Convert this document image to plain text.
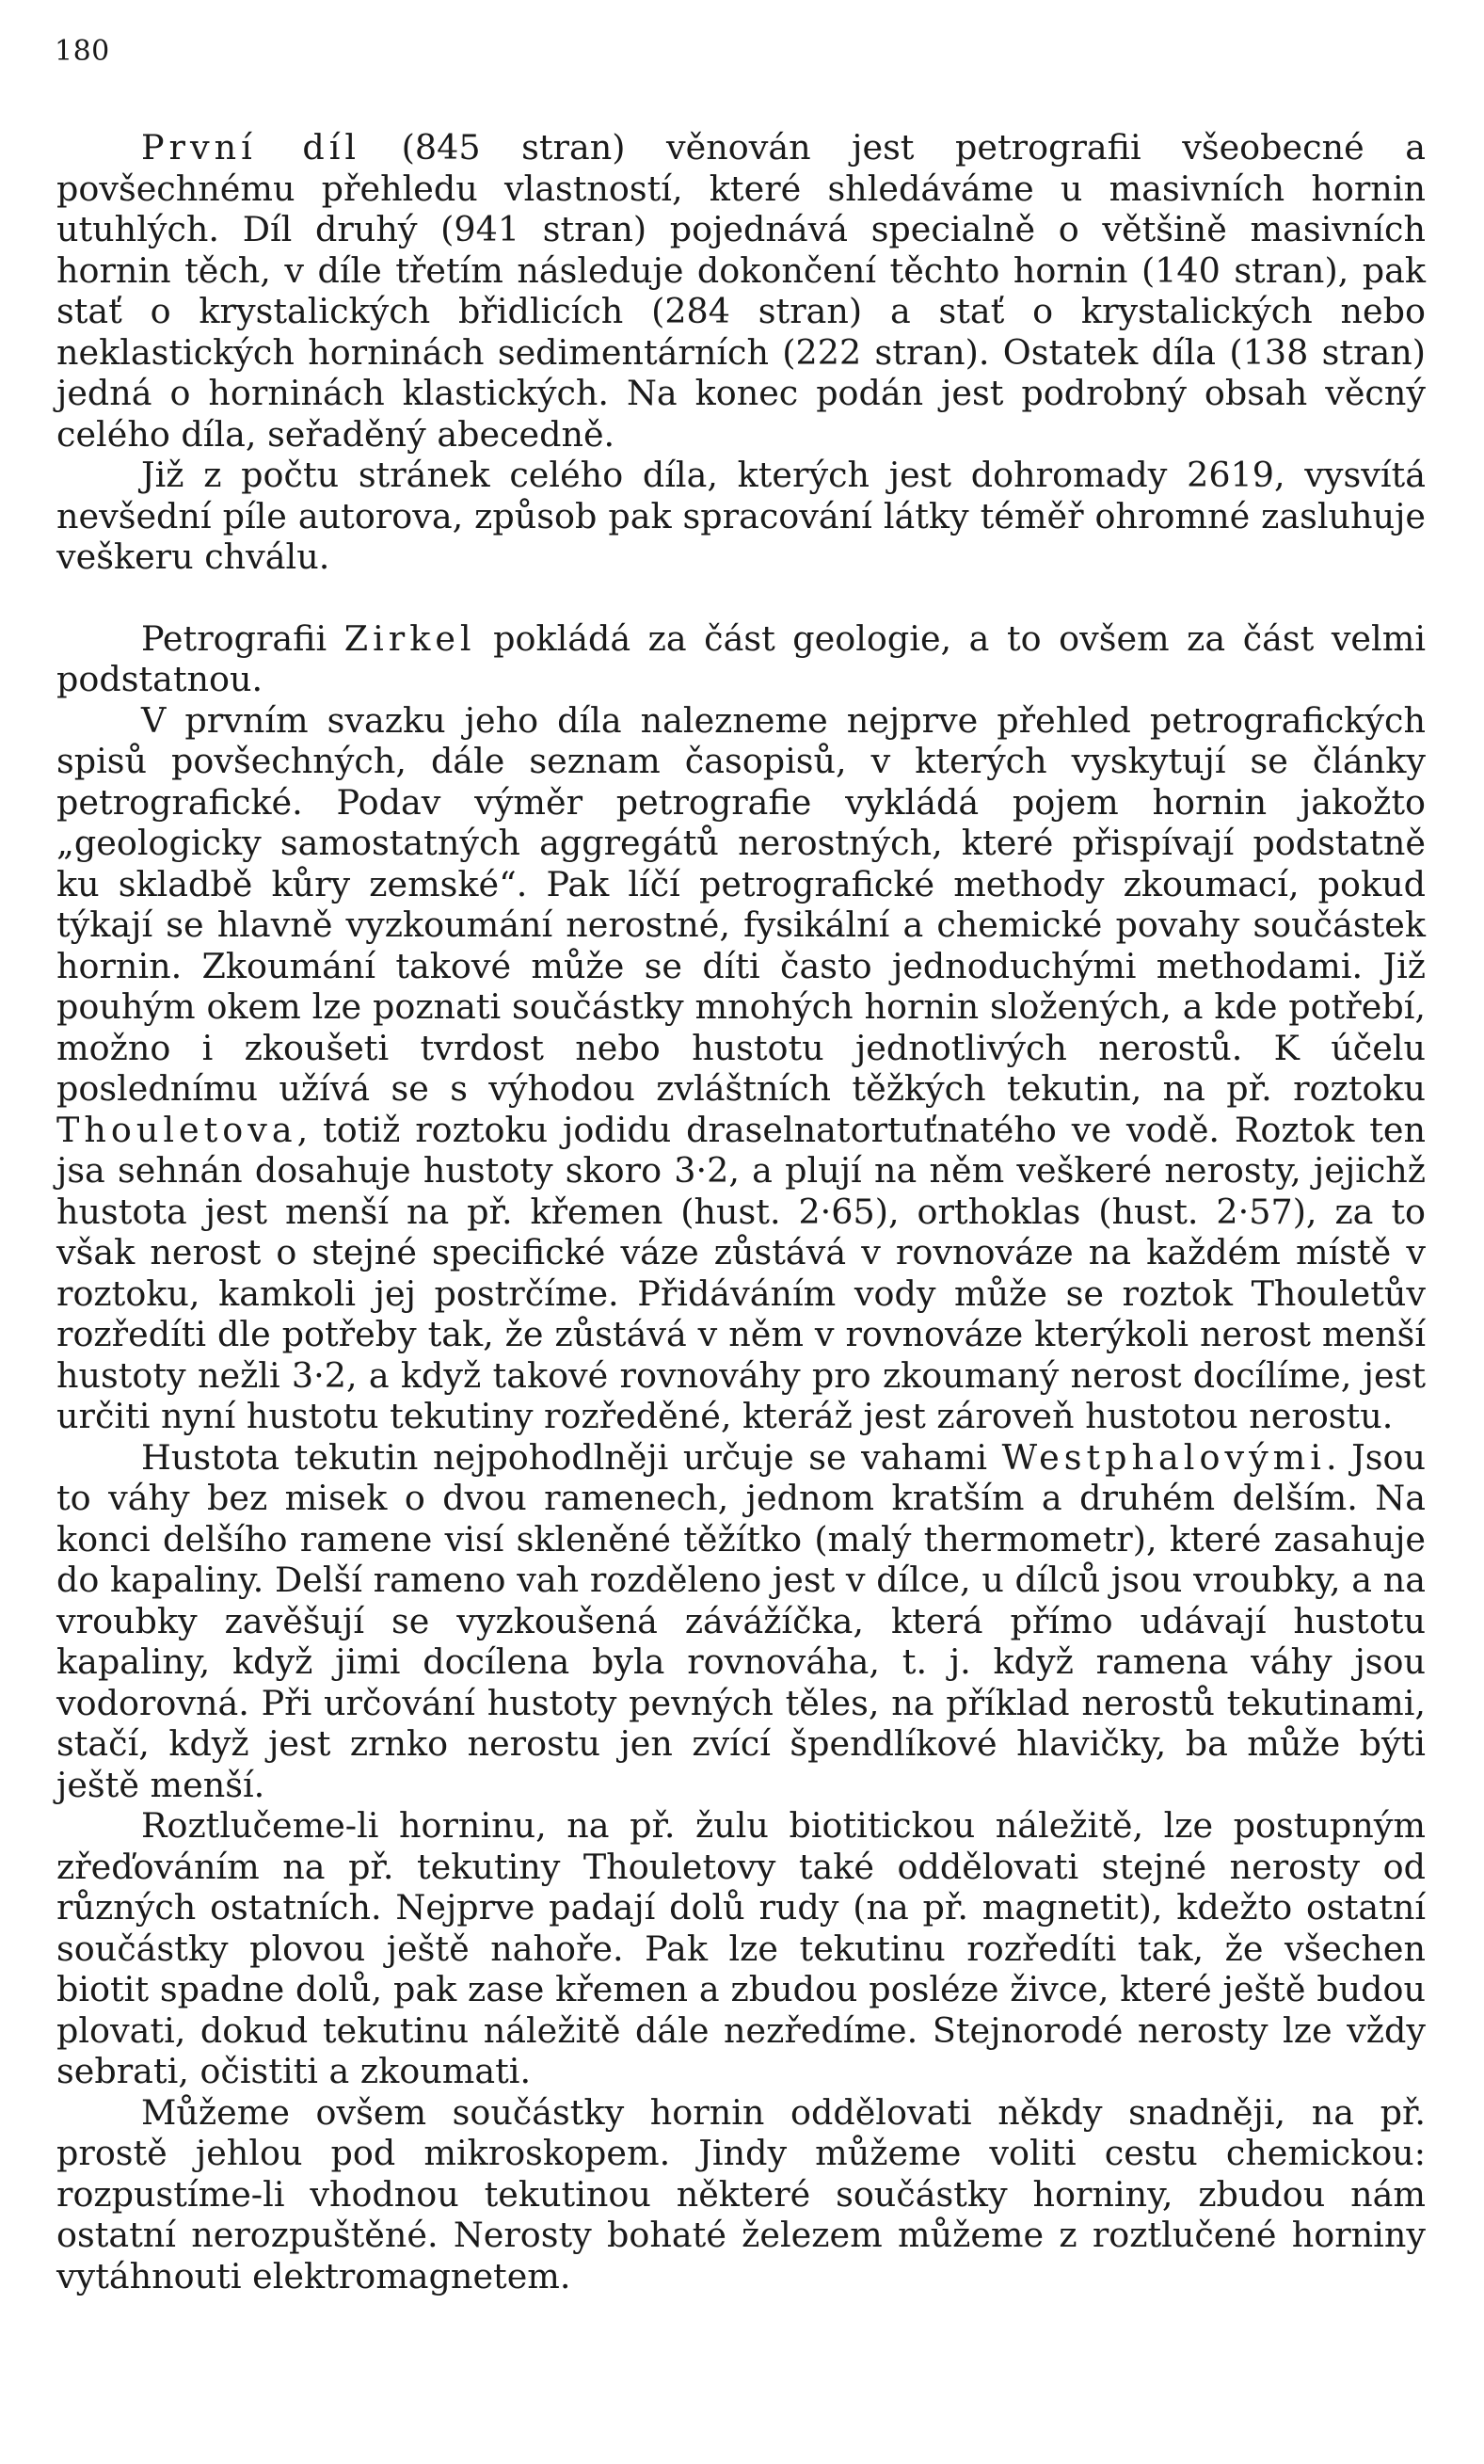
180

První díl (845 stran) věnován jest petrografii všeobecné a povšechnému přehledu vlastností, které shledáváme u masivních hornin utuhlých. Díl druhý (941 stran) pojednává specialně o většině masivních hornin těch, v díle třetím následuje dokončení těchto hornin (140 stran), pak stať o krystalických břidlicích (284 stran) a stať o krystalických nebo neklastických horninách sedimentárních (222 stran). Ostatek díla (138 stran) jedná o horninách klastických. Na konec podán jest podrobný obsah věcný celého díla, seřaděný abecedně.

Již z počtu stránek celého díla, kterých jest dohromady 2619, vysvítá nevšední píle autorova, způsob pak spracování látky téměř ohromné zasluhuje veškeru chválu.

Petrografii Zirkel pokládá za část geologie, a to ovšem za část velmi podstatnou.

V prvním svazku jeho díla nalezneme nejprve přehled petrografických spisů povšechných, dále seznam časopisů, v kterých vyskytují se články petrografické. Podav výměr petrografie vykládá pojem hornin jakožto „geologicky samostatných aggregátů nerostných, které přispívají podstatně ku skladbě kůry zemské“. Pak líčí petrografické methody zkoumací, pokud týkají se hlavně vyzkoumání nerostné, fysikální a chemické povahy součástek hornin. Zkoumání takové může se díti často jednoduchými methodami. Již pouhým okem lze poznati součástky mnohých hornin složených, a kde potřebí, možno i zkoušeti tvrdost nebo hustotu jednotlivých nerostů. K účelu poslednímu užívá se s výhodou zvláštních těžkých tekutin, na př. roztoku Thouletova, totiž roztoku jodidu draselnatortuťnatého ve vodě. Roztok ten jsa sehnán dosahuje hustoty skoro 3·2, a plují na něm veškeré nerosty, jejichž hustota jest menší na př. křemen (hust. 2·65), orthoklas (hust. 2·57), za to však nerost o stejné specifické váze zůstává v rovnováze na každém místě v roztoku, kamkoli jej postrčíme. Přidáváním vody může se roztok Thouletův rozředíti dle potřeby tak, že zůstává v něm v rovnováze kterýkoli nerost menší hustoty nežli 3·2, a když takové rovnováhy pro zkoumaný nerost docílíme, jest určiti nyní hustotu tekutiny rozředěné, kteráž jest zároveň hustotou nerostu.

Hustota tekutin nejpohodlněji určuje se vahami Westphalovými. Jsou to váhy bez misek o dvou ramenech, jednom kratším a druhém delším. Na konci delšího ramene visí skleněné těžítko (malý thermometr), které zasahuje do kapaliny. Delší rameno vah rozděleno jest v dílce, u dílců jsou vroubky, a na vroubky zavěšují se vyzkoušená závážíčka, která přímo udávají hustotu kapaliny, když jimi docílena byla rovnováha, t. j. když ramena váhy jsou vodorovná. Při určování hustoty pevných těles, na příklad nerostů tekutinami, stačí, když jest zrnko nerostu jen zvící špendlíkové hlavičky, ba může býti ještě menší.

Roztlučeme-li horninu, na př. žulu biotitickou náležitě, lze postupným zřeďováním na př. tekutiny Thouletovy také oddělovati stejné nerosty od různých ostatních. Nejprve padají dolů rudy (na př. magnetit), kdežto ostatní součástky plovou ještě nahoře. Pak lze tekutinu rozředíti tak, že všechen biotit spadne dolů, pak zase křemen a zbudou posléze živce, které ještě budou plovati, dokud tekutinu náležitě dále nezředíme. Stejnorodé nerosty lze vždy sebrati, očistiti a zkoumati.

Můžeme ovšem součástky hornin oddělovati někdy snadněji, na př. prostě jehlou pod mikroskopem. Jindy můžeme voliti cestu chemickou: rozpustíme-li vhodnou tekutinou některé součástky horniny, zbudou nám ostatní nerozpuštěné. Nerosty bohaté železem můžeme z roztlučené horniny vytáhnouti elektromagnetem.
